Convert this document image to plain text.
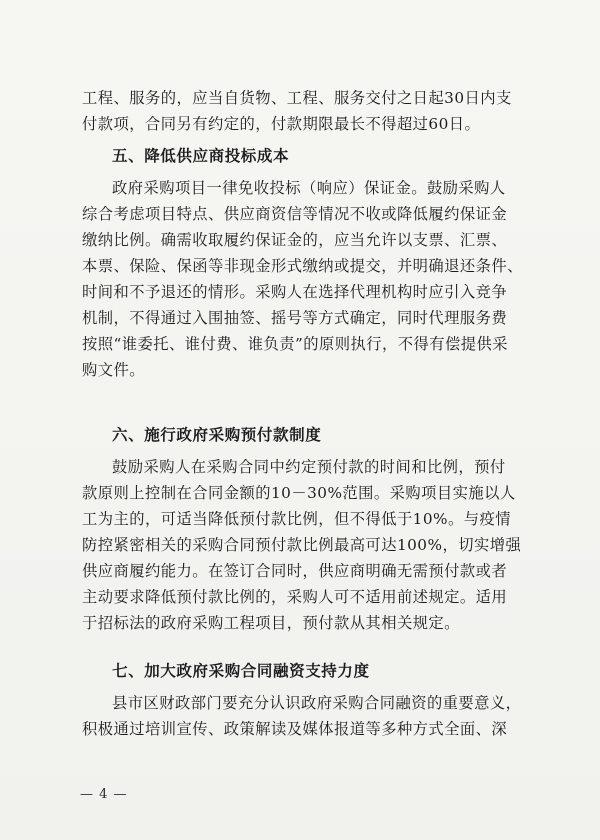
工程、服务的，应当自货物、工程、服务交付之日起30日内支
付款项，合同另有约定的，付款期限最长不得超过60日。
五、降低供应商投标成本
政府采购项目一律免收投标（响应）保证金。鼓励采购人
综合考虑项目特点、供应商资信等情况不收或降低履约保证金
缴纳比例。确需收取履约保证金的，应当允许以支票、汇票、
本票、保险、保函等非现金形式缴纳或提交，并明确退还条件、
时间和不予退还的情形。采购人在选择代理机构时应引入竞争
机制，不得通过入围抽签、摇号等方式确定，同时代理服务费
按照“谁委托、谁付费、谁负责”的原则执行，不得有偿提供采
购文件。
六、施行政府采购预付款制度
鼓励采购人在采购合同中约定预付款的时间和比例，预付
款原则上控制在合同金额的10－30%范围。采购项目实施以人
工为主的，可适当降低预付款比例，但不得低于10%。与疫情
防控紧密相关的采购合同预付款比例最高可达100%，切实增强
供应商履约能力。在签订合同时，供应商明确无需预付款或者
主动要求降低预付款比例的，采购人可不适用前述规定。适用
于招标法的政府采购工程项目，预付款从其相关规定。
七、加大政府采购合同融资支持力度
县市区财政部门要充分认识政府采购合同融资的重要意义，
积极通过培训宣传、政策解读及媒体报道等多种方式全面、深
— 4 —
